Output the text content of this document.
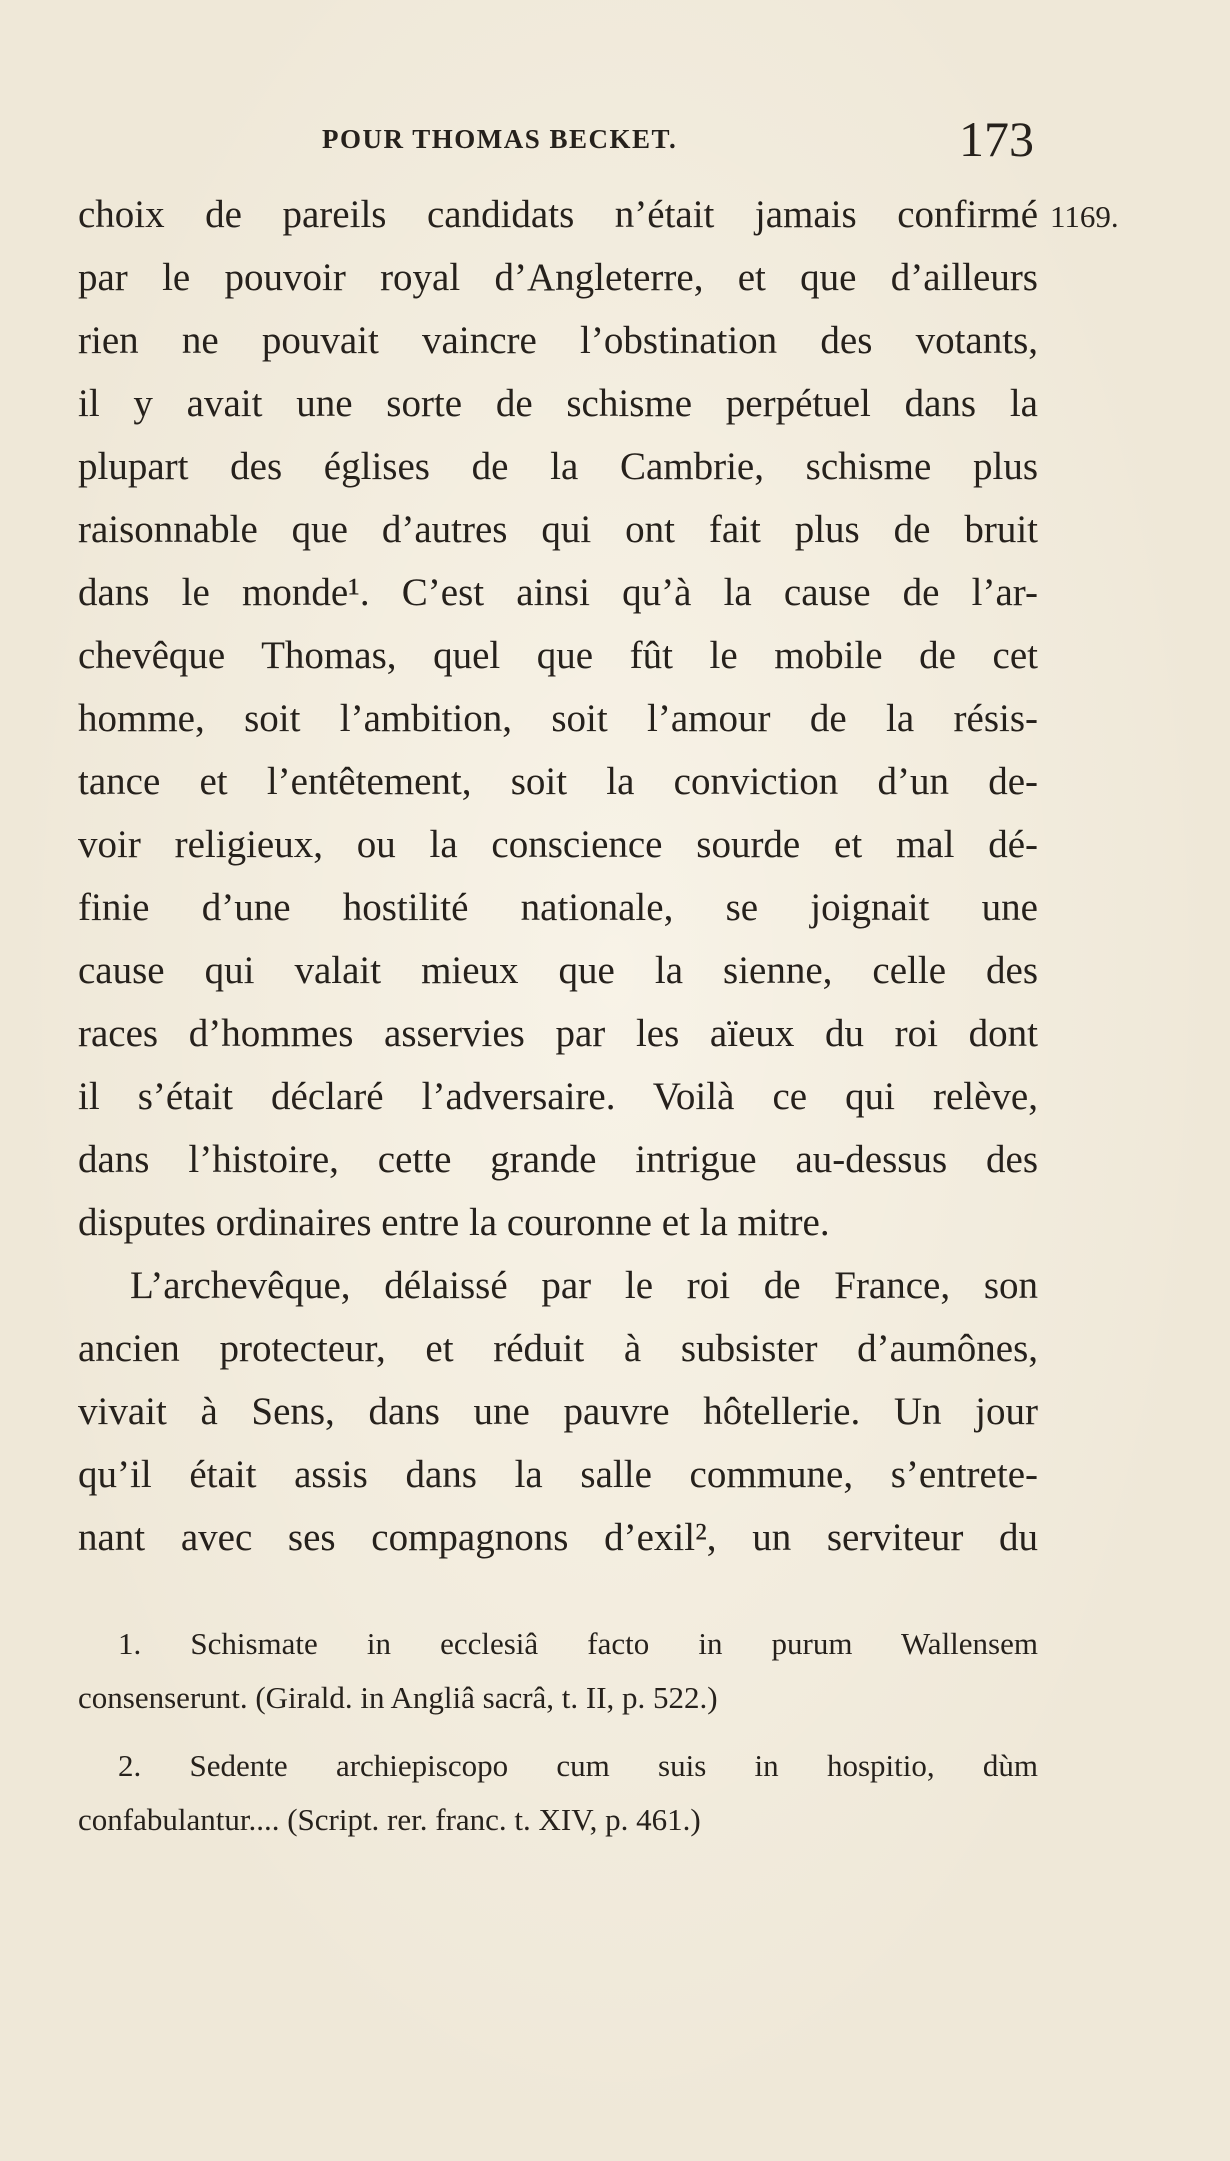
POUR THOMAS BECKET.	173
1169.
choix de pareils candidats n’était jamais confirmé
par le pouvoir royal d’Angleterre, et que d’ailleurs
rien ne pouvait vaincre l’obstination des votants,
il y avait une sorte de schisme perpétuel dans la
plupart des églises de la Cambrie, schisme plus
raisonnable que d’autres qui ont fait plus de bruit
dans le monde¹. C’est ainsi qu’à la cause de l’ar-
chevêque Thomas, quel que fût le mobile de cet
homme, soit l’ambition, soit l’amour de la résis-
tance et l’entêtement, soit la conviction d’un de-
voir religieux, ou la conscience sourde et mal dé-
finie d’une hostilité nationale, se joignait une
cause qui valait mieux que la sienne, celle des
races d’hommes asservies par les aïeux du roi dont
il s’était déclaré l’adversaire. Voilà ce qui relève,
dans l’histoire, cette grande intrigue au-dessus des
disputes ordinaires entre la couronne et la mitre.
L’archevêque, délaissé par le roi de France, son
ancien protecteur, et réduit à subsister d’aumônes,
vivait à Sens, dans une pauvre hôtellerie. Un jour
qu’il était assis dans la salle commune, s’entrete-
nant avec ses compagnons d’exil², un serviteur du
1. Schismate in ecclesiâ facto in purum Wallensem
consenserunt. (Girald. in Angliâ sacrâ, t. II, p. 522.)
2. Sedente archiepiscopo cum suis in hospitio, dùm
confabulantur.... (Script. rer. franc. t. XIV, p. 461.)
